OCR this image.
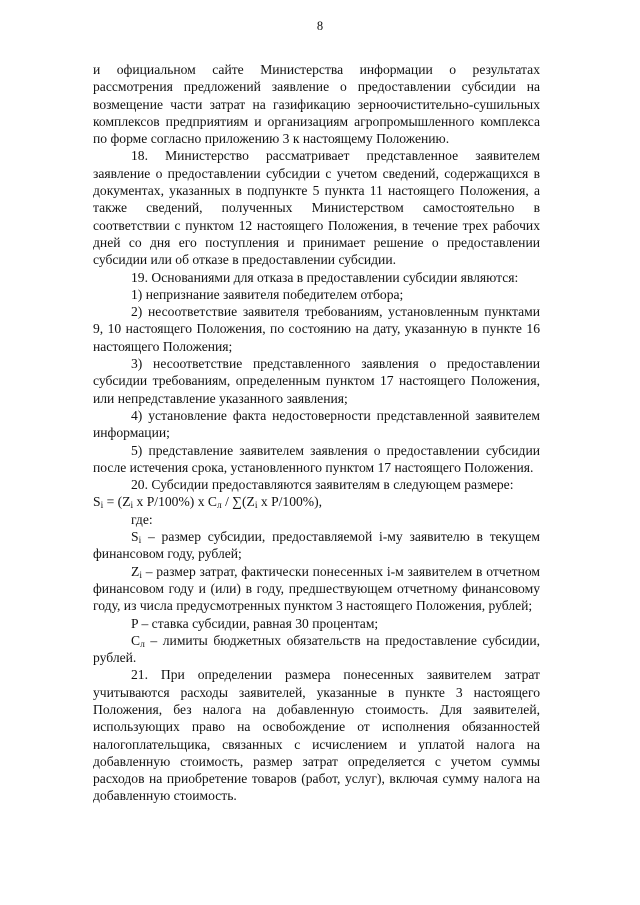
8

и официальном сайте Министерства информации о результатах рассмотрения предложений заявление о предоставлении субсидии на возмещение части затрат на газификацию зерноочистительно-сушильных комплексов предприятиям и организациям агропромышленного комплекса по форме согласно приложению 3 к настоящему Положению.

18. Министерство рассматривает представленное заявителем заявление о предоставлении субсидии с учетом сведений, содержащихся в документах, указанных в подпункте 5 пункта 11 настоящего Положения, а также сведений, полученных Министерством самостоятельно в соответствии с пунктом 12 настоящего Положения, в течение трех рабочих дней со дня его поступления и принимает решение о предоставлении субсидии или об отказе в предоставлении субсидии.

19. Основаниями для отказа в предоставлении субсидии являются:

1) непризнание заявителя победителем отбора;

2) несоответствие заявителя требованиям, установленным пунктами 9, 10 настоящего Положения, по состоянию на дату, указанную в пункте 16 настоящего Положения;

3) несоответствие представленного заявления о предоставлении субсидии требованиям, определенным пунктом 17 настоящего Положения, или непредставление указанного заявления;

4) установление факта недостоверности представленной заявителем информации;

5) представление заявителем заявления о предоставлении субсидии после истечения срока, установленного пунктом 17 настоящего Положения.

20. Субсидии предоставляются заявителям в следующем размере:

$S_i = (Z_i$ x P/100%) x $С_л / \sum(Z_i$ x P/100%),

где:

$S_i$ – размер субсидии, предоставляемой i-му заявителю в текущем финансовом году, рублей;

$Z_i$ – размер затрат, фактически понесенных i-м заявителем в отчетном финансовом году и (или) в году, предшествующем отчетному финансовому году, из числа предусмотренных пунктом 3 настоящего Положения, рублей;

P – ставка субсидии, равная 30 процентам;

$С_л$ – лимиты бюджетных обязательств на предоставление субсидии, рублей.

21. При определении размера понесенных заявителем затрат учитываются расходы заявителей, указанные в пункте 3 настоящего Положения, без налога на добавленную стоимость. Для заявителей, использующих право на освобождение от исполнения обязанностей налогоплательщика, связанных с исчислением и уплатой налога на добавленную стоимость, размер затрат определяется с учетом суммы расходов на приобретение товаров (работ, услуг), включая сумму налога на добавленную стоимость.
